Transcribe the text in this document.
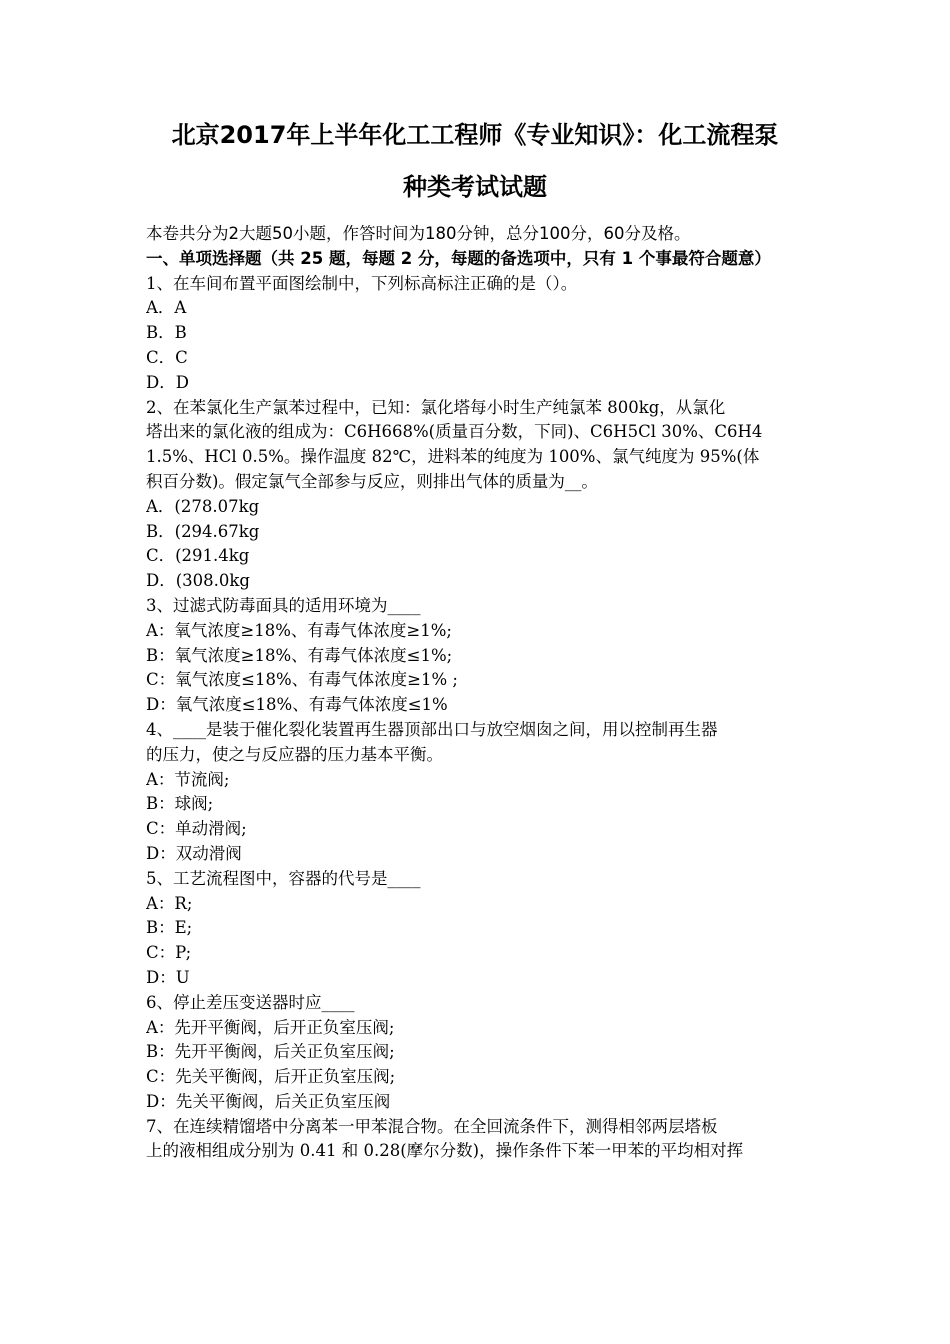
北京2017年上半年化工工程师《专业知识》：化工流程泵
种类考试试题

本卷共分为2大题50小题，作答时间为180分钟，总分100分，60分及格。

一、单项选择题（共 25 题，每题 2 分，每题的备选项中，只有 1 个事最符合题意）

1、在车间布置平面图绘制中，下列标高标注正确的是（）。

A．A

B．B

C．C

D．D

2、在苯氯化生产氯苯过程中，已知：氯化塔每小时生产纯氯苯 800kg，从氯化

塔出来的氯化液的组成为：C6H668%(质量百分数，下同)、C6H5Cl 30%、C6H4

1.5%、HCl 0.5%。操作温度 82℃，进料苯的纯度为 100%、氯气纯度为 95%(体

积百分数)。假定氯气全部参与反应，则排出气体的质量为__。

A．(278.07kg

B．(294.67kg

C．(291.4kg

D．(308.0kg

3、过滤式防毒面具的适用环境为____

A：氧气浓度≥18%、有毒气体浓度≥1%;

B：氧气浓度≥18%、有毒气体浓度≤1%;

C：氧气浓度≤18%、有毒气体浓度≥1% ;

D：氧气浓度≤18%、有毒气体浓度≤1%

4、____是装于催化裂化装置再生器顶部出口与放空烟囱之间，用以控制再生器

的压力，使之与反应器的压力基本平衡。

A：节流阀;

B：球阀;

C：单动滑阀;

D：双动滑阀

5、工艺流程图中，容器的代号是____

A：R;

B：E;

C：P;

D：U

6、停止差压变送器时应____

A：先开平衡阀，后开正负室压阀;

B：先开平衡阀，后关正负室压阀;

C：先关平衡阀，后开正负室压阀;

D：先关平衡阀，后关正负室压阀

7、在连续精馏塔中分离苯一甲苯混合物。在全回流条件下，测得相邻两层塔板

上的液相组成分别为 0.41 和 0.28(摩尔分数)，操作条件下苯一甲苯的平均相对挥
